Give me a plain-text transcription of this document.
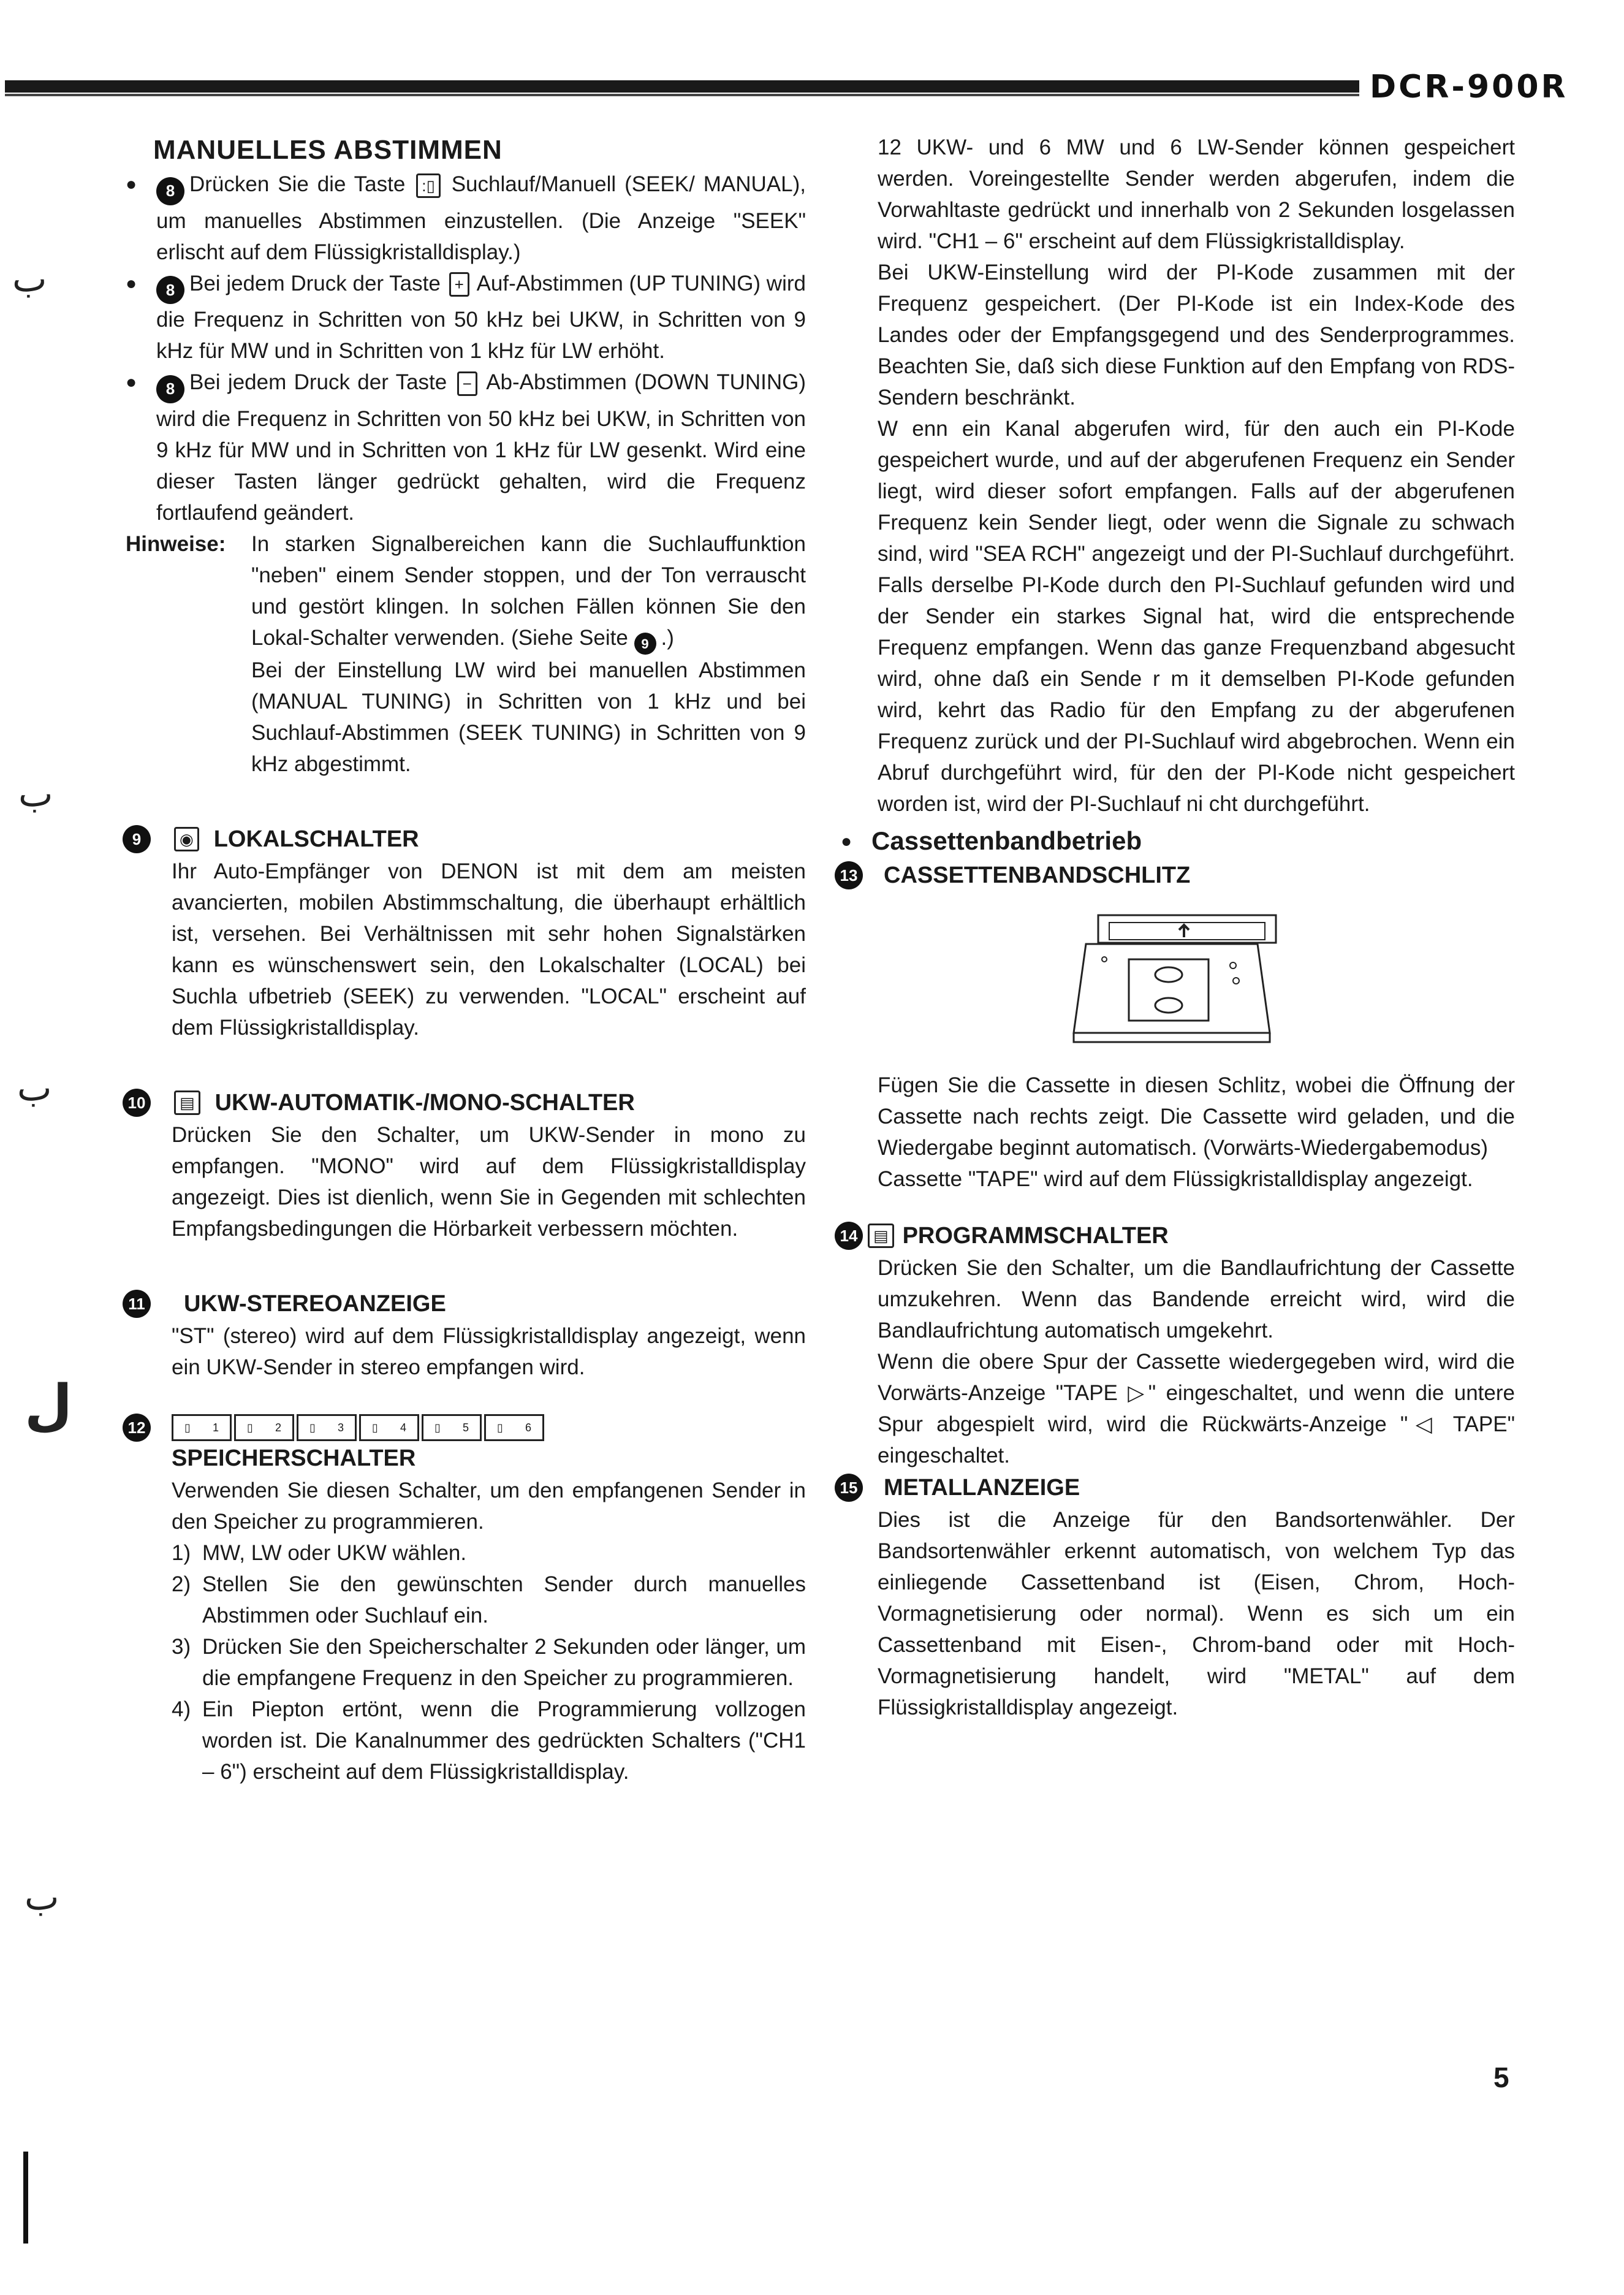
DCR-900R
ب
ب
ب
ل
ب
MANUELLES ABSTIMMEN
●	8 Drücken Sie die Taste :▯ Suchlauf/Manuell (SEEK/ MANUAL), um manuelles Abstimmen einzustellen. (Die Anzeige "SEEK" erlischt auf dem Flüssigkristalldisplay.)
●	8 Bei jedem Druck der Taste + Auf-Abstimmen (UP TUNING) wird die Frequenz in Schritten von 50 kHz bei UKW, in Schritten von 9 kHz für MW und in Schritten von 1 kHz für LW erhöht.
●	8 Bei jedem Druck der Taste − Ab-Abstimmen (DOWN TUNING) wird die Frequenz in Schritten von 50 kHz bei UKW, in Schritten von 9 kHz für MW und in Schritten von 1 kHz für LW gesenkt. Wird eine dieser Tasten länger gedrückt gehalten, wird die Frequenz fortlaufend geändert.
Hinweise:	In starken Signalbereichen kann die Suchlauffunktion "neben" einem Sender stoppen, und der Ton verrauscht und gestört klingen. In solchen Fällen können Sie den Lokal-Schalter verwenden. (Siehe Seite 9 .)

Bei der Einstellung LW wird bei manuellen Abstimmen (MANUAL TUNING) in Schritten von 1 kHz und bei Suchlauf-Abstimmen (SEEK TUNING) in Schritten von 9 kHz abgestimmt.

9	◉ LOKALSCHALTER

Ihr Auto-Empfänger von DENON ist mit dem am meisten avancierten, mobilen Abstimmschaltung, die überhaupt erhältlich ist, versehen. Bei Verhältnissen mit sehr hohen Signalstärken kann es wünschenswert sein, den Lokalschalter (LOCAL) bei Suchla ufbetrieb (SEEK) zu verwenden. "LOCAL" erscheint auf dem Flüssigkristalldisplay.

10	▤ UKW-AUTOMATIK-/MONO-SCHALTER

Drücken Sie den Schalter, um UKW-Sender in mono zu empfangen. "MONO" wird auf dem Flüssigkristalldisplay angezeigt. Dies ist dienlich, wenn Sie in Gegenden mit schlechten Empfangsbedingungen die Hörbarkeit verbessern möchten.

11 UKW-STEREOANZEIGE

"ST" (stereo) wird auf dem Flüssigkristalldisplay angezeigt, wenn ein UKW-Sender in stereo empfangen wird.

12	▯ 1	▯ 2	▯ 3	▯ 4	▯ 5	▯ 6
SPEICHERSCHALTER

Verwenden Sie diesen Schalter, um den empfangenen Sender in den Speicher zu programmieren.

1) MW, LW oder UKW wählen.
2) Stellen Sie den gewünschten Sender durch manuelles Abstimmen oder Suchlauf ein.
3) Drücken Sie den Speicherschalter 2 Sekunden oder länger, um die empfangene Frequenz in den Speicher zu programmieren.
4) Ein Piepton ertönt, wenn die Programmierung vollzogen worden ist. Die Kanalnummer des gedrückten Schalters ("CH1 – 6") erscheint auf dem Flüssigkristalldisplay.

12 UKW- und 6 MW und 6 LW-Sender können gespeichert werden. Voreingestellte Sender werden abgerufen, indem die Vorwahltaste gedrückt und innerhalb von 2 Sekunden losgelassen wird. "CH1 – 6" erscheint auf dem Flüssigkristalldisplay.

Bei UKW-Einstellung wird der PI-Kode zusammen mit der Frequenz gespeichert. (Der PI-Kode ist ein Index-Kode des Landes oder der Empfangsgegend und des Senderprogrammes. Beachten Sie, daß sich diese Funktion auf den Empfang von RDS-Sendern beschränkt.

W enn ein Kanal abgerufen wird, für den auch ein PI-Kode gespeichert wurde, und auf der abgerufenen Frequenz ein Sender liegt, wird dieser sofort empfangen. Falls auf der abgerufenen Frequenz kein Sender liegt, oder wenn die Signale zu schwach sind, wird "SEA RCH" angezeigt und der PI-Suchlauf durchgeführt. Falls derselbe PI-Kode durch den PI-Suchlauf gefunden wird und der Sender ein starkes Signal hat, wird die entsprechende Frequenz empfangen. Wenn das ganze Frequenzband abgesucht wird, ohne daß ein Sende r m it demselben PI-Kode gefunden wird, kehrt das Radio für den Empfang zu der abgerufenen Frequenz zurück und der PI-Suchlauf wird abgebrochen. Wenn ein Abruf durchgeführt wird, für den der PI-Kode nicht gespeichert worden ist, wird der PI-Suchlauf ni cht durchgeführt.

● Cassettenbandbetrieb
13 CASSETTENBANDSCHLITZ

Fügen Sie die Cassette in diesen Schlitz, wobei die Öffnung der Cassette nach rechts zeigt. Die Cassette wird geladen, und die Wiedergabe beginnt automatisch. (Vorwärts-Wiedergabemodus)

Cassette "TAPE" wird auf dem Flüssigkristalldisplay angezeigt.

14 ▤ PROGRAMMSCHALTER

Drücken Sie den Schalter, um die Bandlaufrichtung der Cassette umzukehren. Wenn das Bandende erreicht wird, wird die Bandlaufrichtung automatisch umgekehrt.

Wenn die obere Spur der Cassette wiedergegeben wird, wird die Vorwärts-Anzeige "TAPE ▷" eingeschaltet, und wenn die untere Spur abgespielt wird, wird die Rückwärts-Anzeige "◁ TAPE" eingeschaltet.

15 METALLANZEIGE

Dies ist die Anzeige für den Bandsortenwähler. Der Bandsortenwähler erkennt automatisch, von welchem Typ das einliegende Cassettenband ist (Eisen, Chrom, Hoch-Vormagnetisierung oder normal). Wenn es sich um ein Cassettenband mit Eisen-, Chrom-band oder mit Hoch-Vormagnetisierung handelt, wird "METAL" auf dem Flüssigkristalldisplay angezeigt.

5
